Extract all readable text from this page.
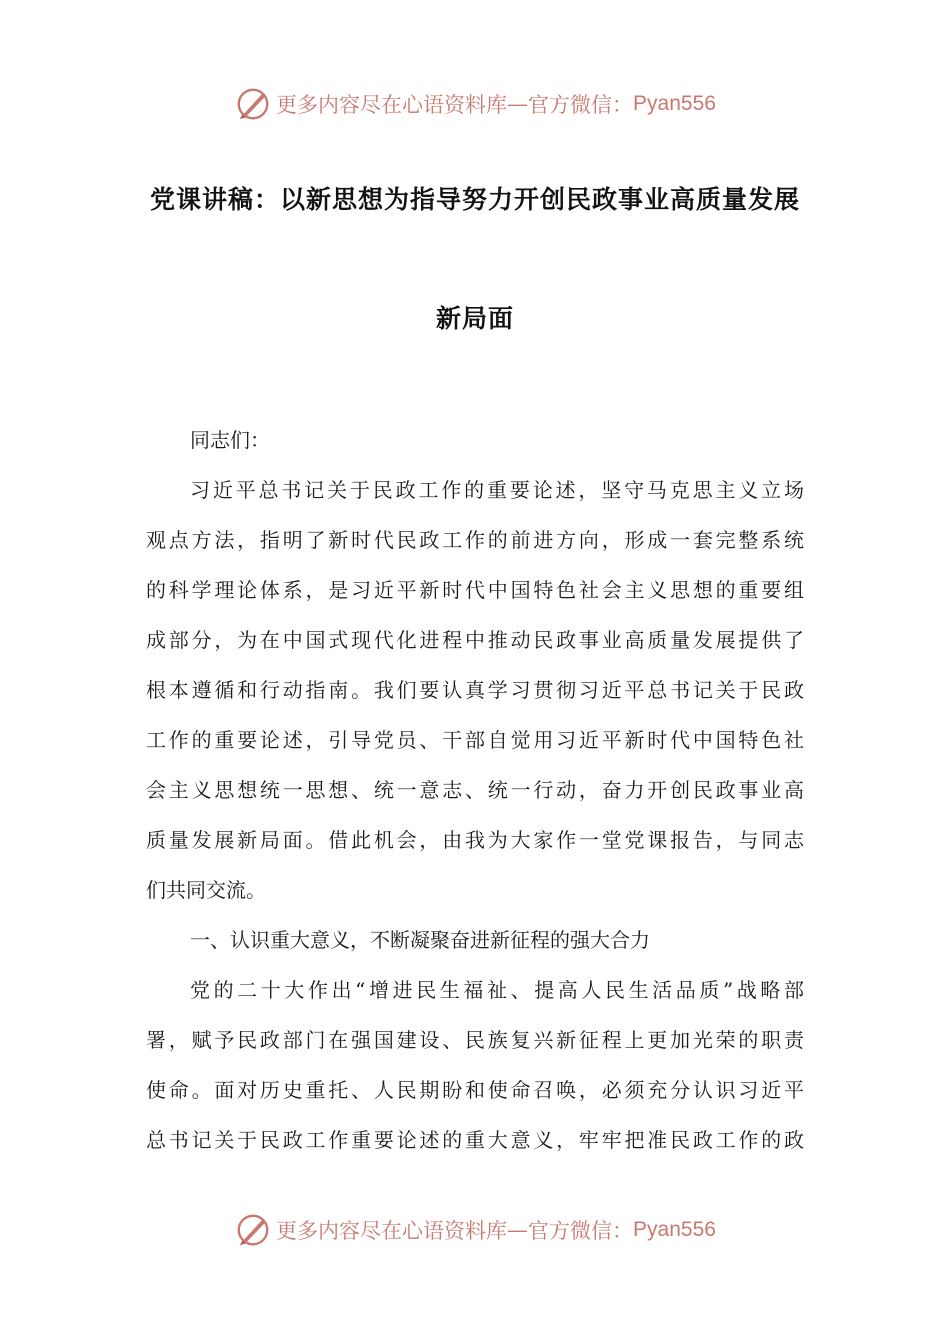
更多内容尽在心语资料库 — 官方微信： Pyan556
党课讲稿：以新思想为指导努力开创民政事业高质量发展
新局面
同志们：
习近平总书记关于民政工作的重要论述，坚守马克思主义立场
观点方法，指明了新时代民政工作的前进方向，形成一套完整系统
的科学理论体系，是习近平新时代中国特色社会主义思想的重要组
成部分，为在中国式现代化进程中推动民政事业高质量发展提供了
根本遵循和行动指南。我们要认真学习贯彻习近平总书记关于民政
工作的重要论述，引导党员、干部自觉用习近平新时代中国特色社
会主义思想统一思想、统一意志、统一行动，奋力开创民政事业高
质量发展新局面。借此机会，由我为大家作一堂党课报告，与同志
们共同交流。
一、认识重大意义，不断凝聚奋进新征程的强大合力
党的二十大作出“增进民生福祉、提高人民生活品质”战略部
署，赋予民政部门在强国建设、民族复兴新征程上更加光荣的职责
使命。面对历史重托、人民期盼和使命召唤，必须充分认识习近平
总书记关于民政工作重要论述的重大意义，牢牢把准民政工作的政
更多内容尽在心语资料库 — 官方微信： Pyan556
